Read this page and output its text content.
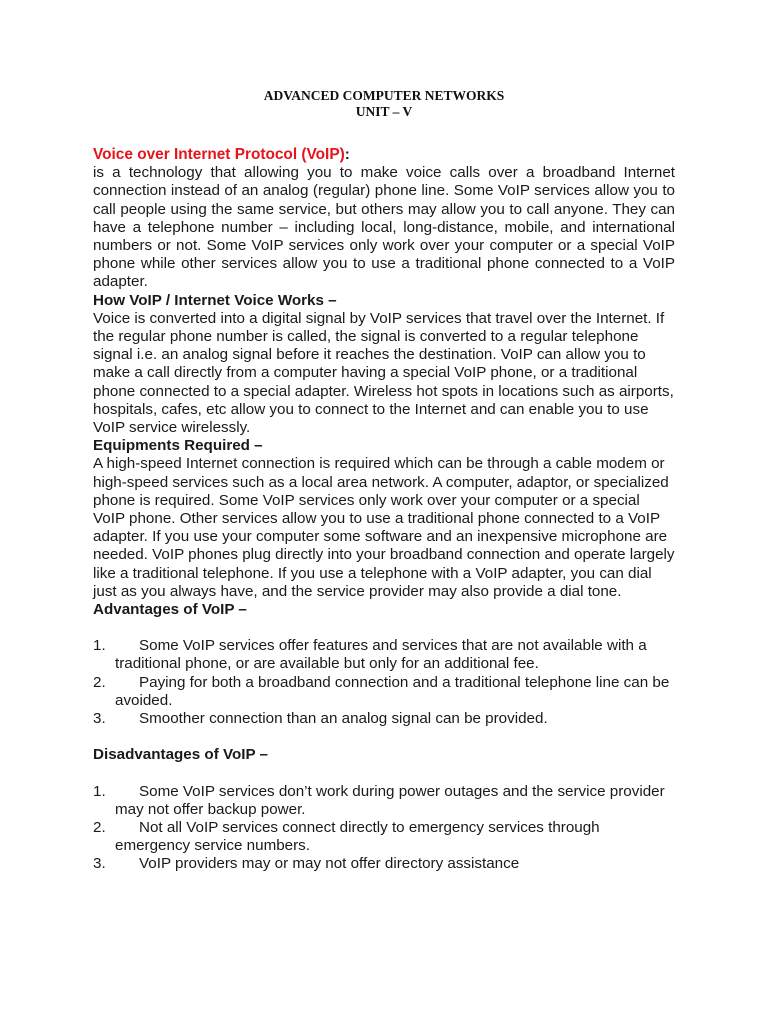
ADVANCED COMPUTER NETWORKS
UNIT – V

Voice over Internet Protocol (VoIP):

is a technology that allowing you to make voice calls over a broadband Internet connection instead of an analog (regular) phone line. Some VoIP services allow you to call people using the same service, but others may allow you to call anyone. They can have a telephone number – including local, long-distance, mobile, and international numbers or not. Some VoIP services only work over your computer or a special VoIP phone while other services allow you to use a traditional phone connected to a VoIP adapter.

How VoIP / Internet Voice Works –

Voice is converted into a digital signal by VoIP services that travel over the Internet. If the regular phone number is called, the signal is converted to a regular telephone signal i.e. an analog signal before it reaches the destination. VoIP can allow you to make a call directly from a computer having a special VoIP phone, or a traditional phone connected to a special adapter. Wireless hot spots in locations such as airports, hospitals, cafes, etc allow you to connect to the Internet and can enable you to use VoIP service wirelessly.

Equipments Required –

A high-speed Internet connection is required which can be through a cable modem or high-speed services such as a local area network. A computer, adaptor, or specialized phone is required. Some VoIP services only work over your computer or a special VoIP phone. Other services allow you to use a traditional phone connected to a VoIP adapter. If you use your computer some software and an inexpensive microphone are needed. VoIP phones plug directly into your broadband connection and operate largely like a traditional telephone. If you use a telephone with a VoIP adapter, you can dial just as you always have, and the service provider may also provide a dial tone.

Advantages of VoIP –

1. Some VoIP services offer features and services that are not available with a traditional phone, or are available but only for an additional fee.
2. Paying for both a broadband connection and a traditional telephone line can be avoided.
3. Smoother connection than an analog signal can be provided.

Disadvantages of VoIP –

1. Some VoIP services don’t work during power outages and the service provider may not offer backup power.
2. Not all VoIP services connect directly to emergency services through emergency service numbers.
3. VoIP providers may or may not offer directory assistance
